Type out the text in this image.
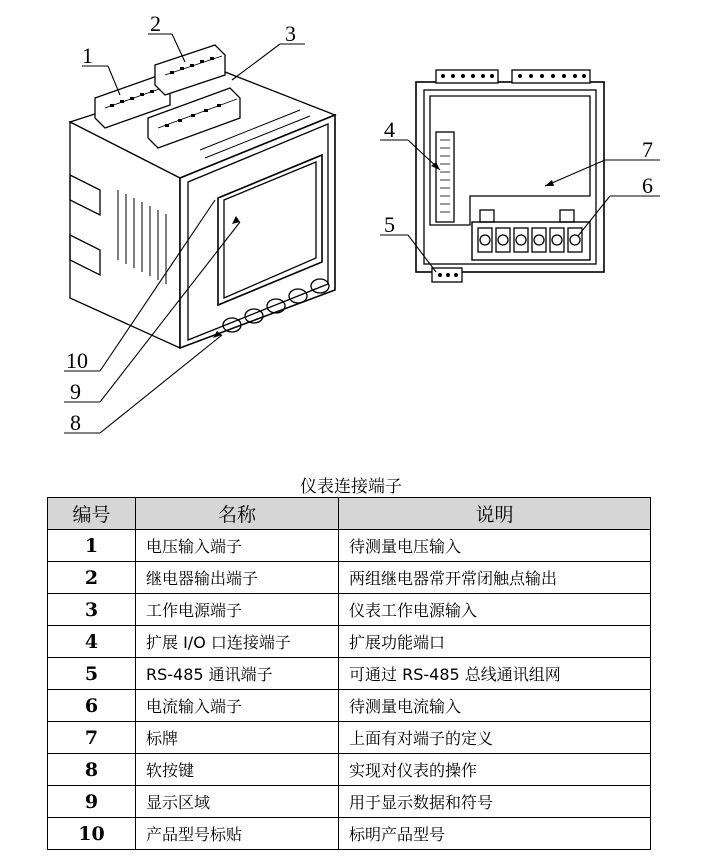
1
2	3
4
5
6
7
8
9
10
仪表连接端子
编号	名称	说明
1	电压输入端子	待测量电压输入
2	继电器输出端子	两组继电器常开常闭触点输出
3	工作电源端子	仪表工作电源输入
4	扩展 I/O 口连接端子	扩展功能端口
5	RS-485 通讯端子	可通过 RS-485 总线通讯组网
6	电流输入端子	待测量电流输入
7	标牌	上面有对端子的定义
8	软按键	实现对仪表的操作
9	显示区域	用于显示数据和符号
10	产品型号标贴	标明产品型号
